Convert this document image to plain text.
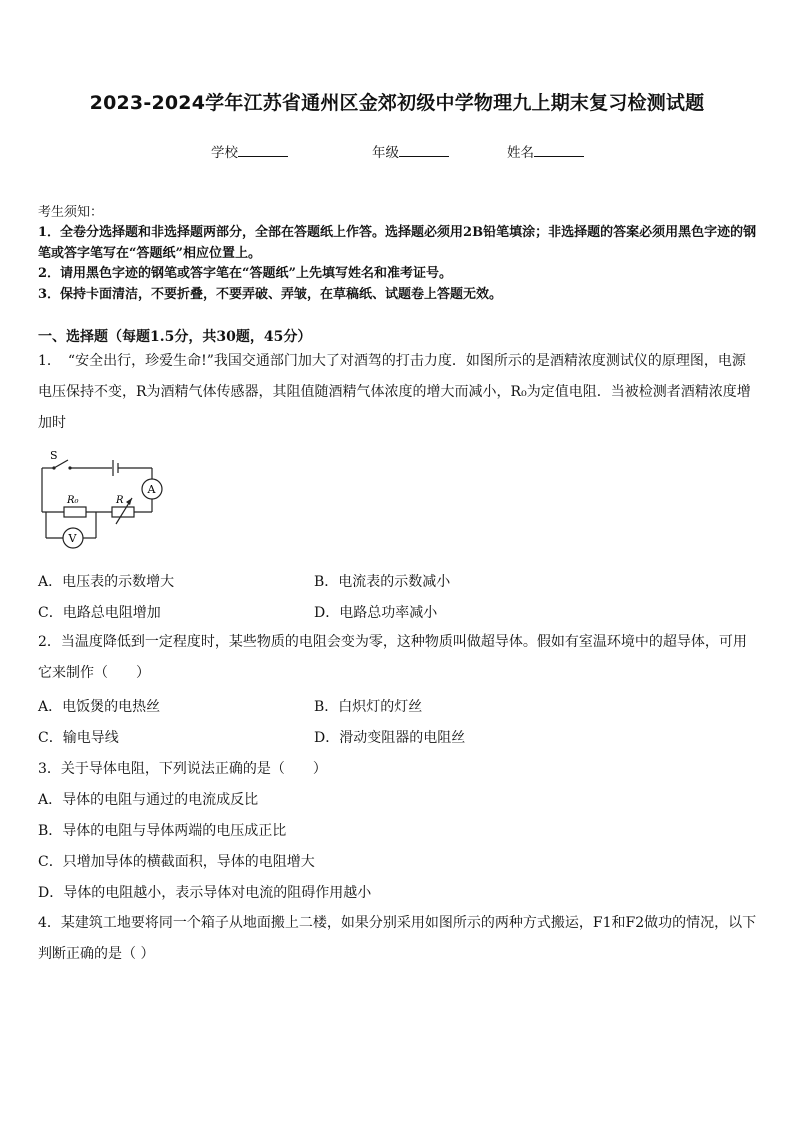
2023-2024学年江苏省通州区金郊初级中学物理九上期末复习检测试题
学校	年级	姓名
考生须知：
1．全卷分选择题和非选择题两部分，全部在答题纸上作答。选择题必须用2B铅笔填涂；非选择题的答案必须用黑色字迹的钢笔或答字笔写在“答题纸”相应位置上。
2．请用黑色字迹的钢笔或答字笔在“答题纸”上先填写姓名和准考证号。
3．保持卡面清洁，不要折叠，不要弄破、弄皱，在草稿纸、试题卷上答题无效。
一、选择题（每题1.5分，共30题，45分）
1．　“安全出行，珍爱生命!”我国交通部门加大了对酒驾的打击力度．如图所示的是酒精浓度测试仪的原理图，电源电压保持不变，R为酒精气体传感器，其阻值随酒精气体浓度的增大而减小，R₀为定值电阻．当被检测者酒精浓度增加时
S
A
V
R₀	R
A．电压表的示数增大	B．电流表的示数减小
C．电路总电阻增加	D．电路总功率减小
2．当温度降低到一定程度时，某些物质的电阻会变为零，这种物质叫做超导体。假如有室温环境中的超导体，可用它来制作（　　）
A．电饭煲的电热丝	B．白炽灯的灯丝
C．输电导线	D．滑动变阻器的电阻丝
3．关于导体电阻，下列说法正确的是（　　）
A．导体的电阻与通过的电流成反比
B．导体的电阻与导体两端的电压成正比
C．只增加导体的横截面积，导体的电阻增大
D．导体的电阻越小，表示导体对电流的阻碍作用越小
4．某建筑工地要将同一个箱子从地面搬上二楼，如果分别采用如图所示的两种方式搬运，F1和F2做功的情况，以下判断正确的是（ ）
